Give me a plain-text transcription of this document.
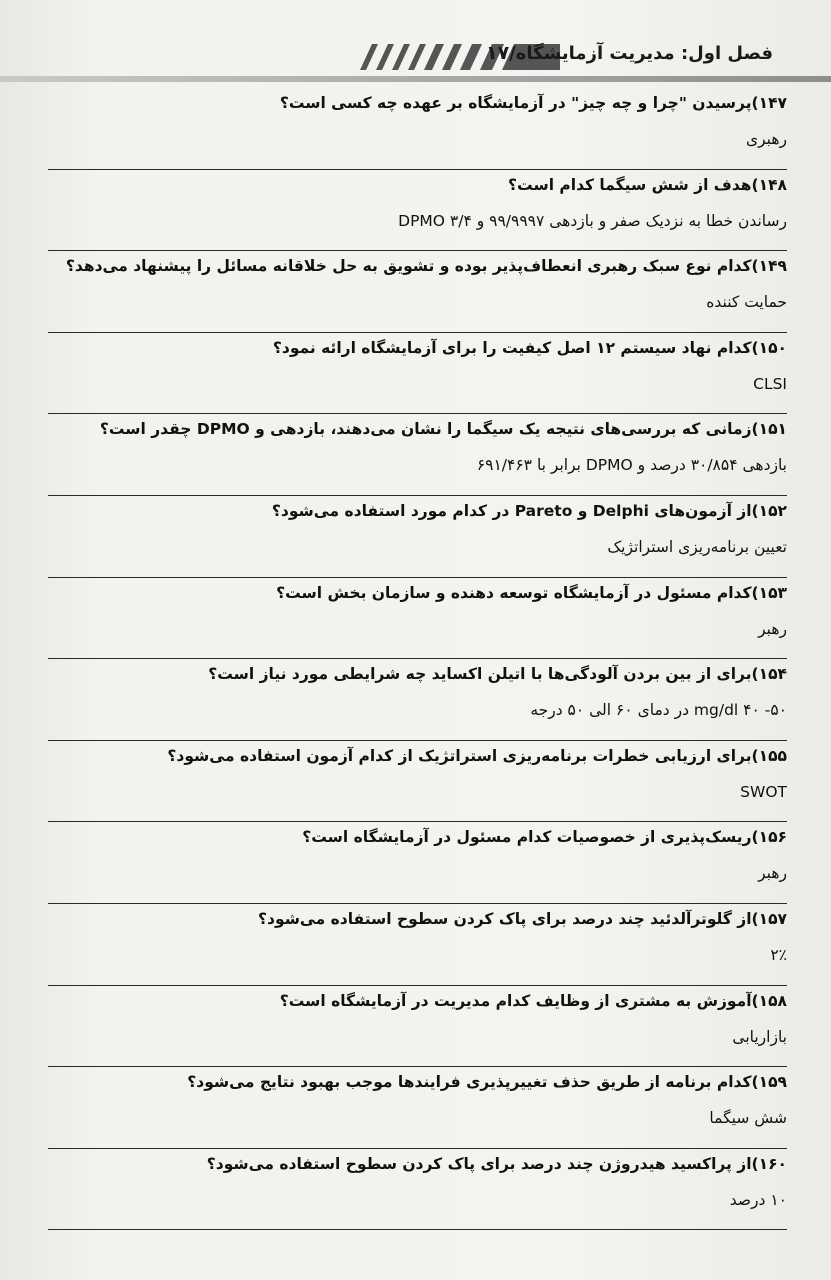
فصل اول: مدیریت آزمایشگاه/۱۷
۱۴۷)پرسیدن "چرا و چه چیز" در آزمایشگاه بر عهده چه کسی است؟
رهبری
۱۴۸)هدف از شش سیگما کدام است؟
رساندن خطا به نزدیک صفر و بازدهی ۹۹/۹۹۹۷ و DPMO ۳/۴
۱۴۹)کدام نوع سبک رهبری انعطاف‌پذیر بوده و تشویق به حل خلاقانه مسائل را پیشنهاد می‌دهد؟
حمایت کننده
۱۵۰)کدام نهاد سیستم ۱۲ اصل کیفیت را برای آزمایشگاه ارائه نمود؟
CLSI
۱۵۱)زمانی که بررسی‌های نتیجه یک سیگما را نشان می‌دهند، بازدهی و DPMO چقدر است؟
بازدهی ۳۰/۸۵۴ درصد و DPMO برابر با ۶۹۱/۴۶۳
۱۵۲)از آزمون‌های Delphi و Pareto در کدام مورد استفاده می‌شود؟
تعیین برنامه‌ریزی استراتژیک
۱۵۳)کدام مسئول در آزمایشگاه توسعه دهنده و سازمان بخش است؟
رهبر
۱۵۴)برای از بین بردن آلودگی‌ها با اتیلن اکساید چه شرایطی مورد نیاز است؟
۵۰- ۴۰ mg/dl در دمای ۶۰ الی ۵۰ درجه
۱۵۵)برای ارزیابی خطرات برنامه‌ریزی استراتژیک از کدام آزمون استفاده می‌شود؟
SWOT
۱۵۶)ریسک‌پذیری از خصوصیات کدام مسئول در آزمایشگاه است؟
رهبر
۱۵۷)از گلوترآلدئید چند درصد برای پاک کردن سطوح استفاده می‌شود؟
۲٪
۱۵۸)آموزش به مشتری از وظایف کدام مدیریت در آزمایشگاه است؟
بازاریابی
۱۵۹)کدام برنامه از طریق حذف تغییرپذیری فرایندها موجب بهبود نتایج می‌شود؟
شش سیگما
۱۶۰)از پراکسید هیدروژن چند درصد برای پاک کردن سطوح استفاده می‌شود؟
۱۰ درصد
